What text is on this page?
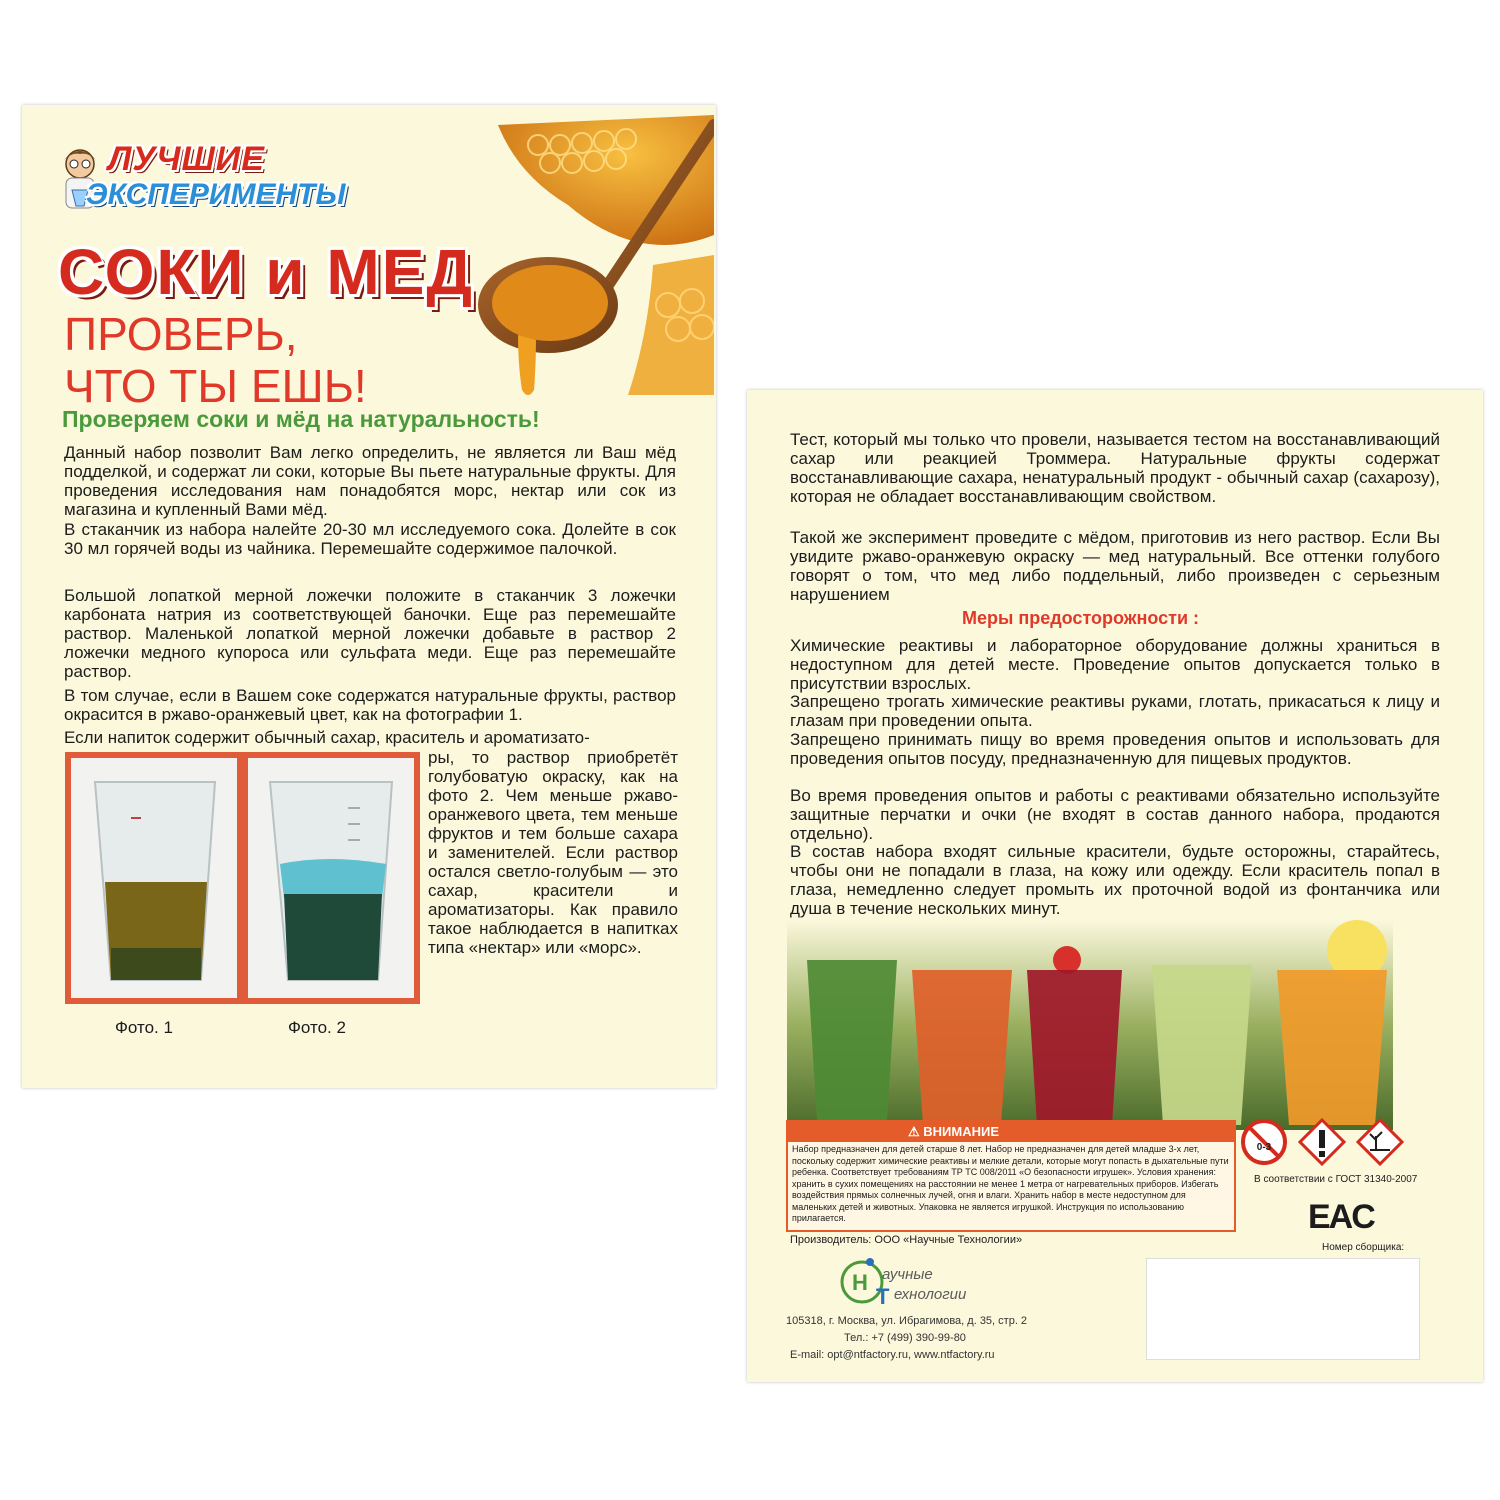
ЛУЧШИЕ
ЭКСПЕРИМЕНТЫ
СОКИ и МЕД
ПРОВЕРЬ,
ЧТО ТЫ ЕШЬ!
Проверяем соки и мёд на натуральность!
Данный набор позволит Вам легко определить, не является ли Ваш мёд подделкой, и содержат ли соки, которые Вы пьете натуральные фрукты. Для проведения исследования нам понадобятся морс, нектар или сок из магазина и купленный Вами мёд.
В стаканчик из набора налейте 20-30 мл исследуемого сока. Долейте в сок 30 мл горячей воды из чайника. Перемешайте содержимое палочкой.
Большой лопаткой мерной ложечки положите в стаканчик 3 ложечки карбоната натрия из соответствующей баночки. Еще раз перемешайте раствор. Маленькой лопаткой мерной ложечки добавьте в раствор 2 ложечки медного купороса или сульфата меди. Еще раз перемешайте раствор.
В том случае, если в Вашем соке содержатся натуральные фрукты, раствор окрасится в ржаво-оранжевый цвет, как на фотографии 1.
Если напиток содержит обычный сахар, краситель и ароматизато-
ры, то раствор приобретёт голубоватую окраску, как на фото 2. Чем меньше ржаво-оранжевого цвета, тем меньше фруктов и тем больше сахара и заменителей. Если раствор остался светло-голубым — это сахар, красители и ароматизаторы. Как правило такое наблюдается в напитках типа «нектар» или «морс».
Фото. 1	Фото. 2
Тест, который мы только что провели, называется тестом на восстанавливающий сахар или реакцией Троммера. Натуральные фрукты содержат восстанавливающие сахара, ненатуральный продукт - обычный сахар (сахарозу), которая не обладает восстанавливающим свойством.
Такой же эксперимент проведите с мёдом, приготовив из него раствор. Если Вы увидите ржаво-оранжевую окраску — мед натуральный. Все оттенки голубого говорят о том, что мед либо поддельный, либо произведен с серьезным нарушением
Меры предосторожности :
Химические реактивы и лабораторное оборудование должны храниться в недоступном для детей месте. Проведение опытов допускается только в присутствии взрослых.
Запрещено трогать химические реактивы руками, глотать, прикасаться к лицу и глазам при проведении опыта.
Запрещено принимать пищу во время проведения опытов и использовать для проведения опытов посуду, предназначенную для пищевых продуктов.
Во время проведения опытов и работы с реактивами обязательно используйте защитные перчатки и очки (не входят в состав данного набора, продаются отдельно).
В состав набора входят сильные красители, будьте осторожны, старайтесь, чтобы они не попадали в глаза, на кожу или одежду. Если краситель попал в глаза, немедленно следует промыть их проточной водой из фонтанчика или душа в течение нескольких минут.
⚠ ВНИМАНИЕ
Набор предназначен для детей старше 8 лет. Набор не предназначен для детей младше 3-х лет, поскольку содержит химические реактивы и мелкие детали, которые могут попасть в дыхательные пути ребенка. Соответствует требованиям ТР ТС 008/2011 «О безопасности игрушек». Условия хранения: хранить в сухих помещениях на расстоянии не менее 1 метра от нагревательных приборов. Избегать воздействия прямых солнечных лучей, огня и влаги. Хранить набор в месте недоступном для маленьких детей и животных. Упаковка не является игрушкой. Инструкция по использованию прилагается.
0-3
В соответствии с ГОСТ 31340-2007
EAC
Номер сборщика:
Производитель: ООО «Научные Технологии»
Н
Т
аучные
ехнологии
105318, г. Москва, ул. Ибрагимова, д. 35, стр. 2
Тел.: +7 (499) 390-99-80
E-mail: opt@ntfactory.ru, www.ntfactory.ru
